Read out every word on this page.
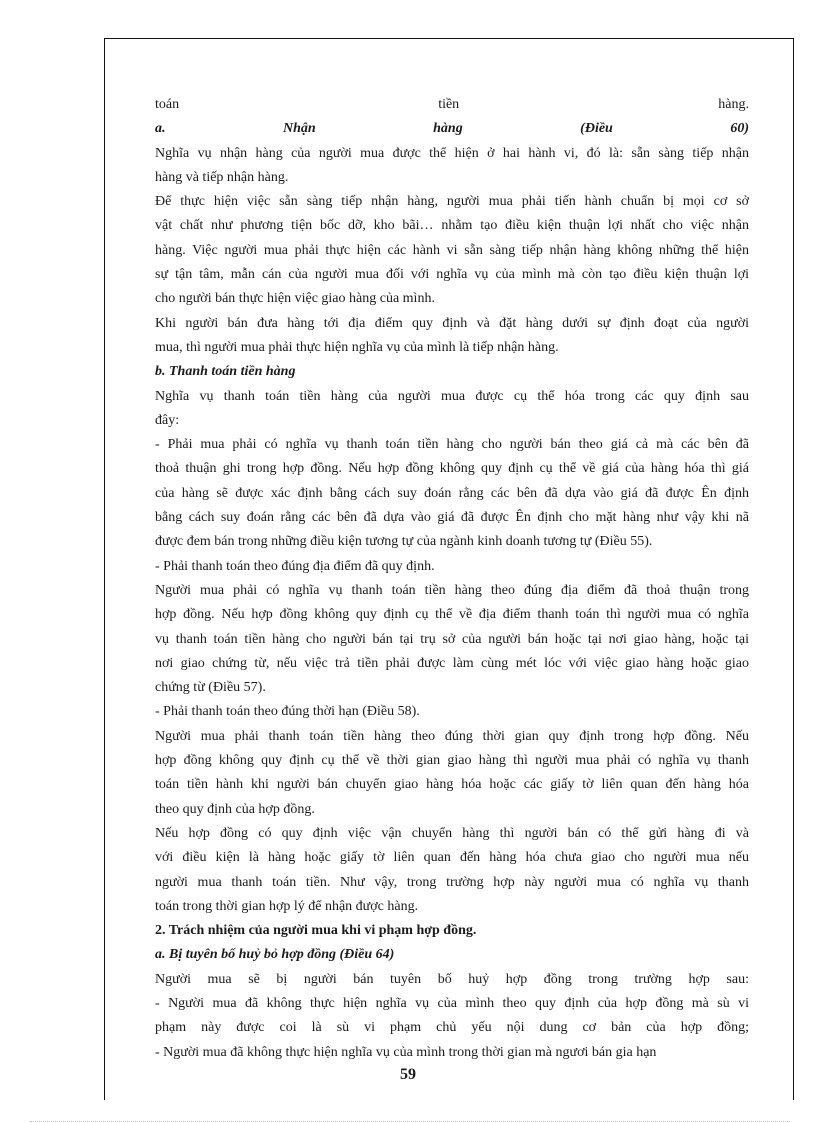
toán	tiền	hàng.
a.	Nhận	hàng	(Điều	60)
Nghĩa vụ nhận hàng của người mua được thể hiện ở hai hành vi, đó là: sẵn sàng tiếp nhận
hàng và tiếp nhận hàng.
Để thực hiện việc sẵn sàng tiếp nhận hàng, người mua phải tiến hành chuẩn bị mọi cơ sở
vật chất như phương tiện bốc dỡ, kho bãi… nhằm tạo điều kiện thuận lợi nhất cho việc nhận
hàng. Việc người mua phải thực hiện các hành vi sẵn sàng tiếp nhận hàng không những thể hiện
sự tận tâm, mẫn cán của người mua đối với nghĩa vụ của mình mà còn tạo điều kiện thuận lợi
cho người bán thực hiện việc giao hàng của mình.
Khi người bán đưa hàng tới địa điểm quy định và đặt hàng dưới sự định đoạt của người
mua, thì người mua phải thực hiện nghĩa vụ của mình là tiếp nhận hàng.
b. Thanh toán tiền hàng
Nghĩa vụ thanh toán tiền hàng của người mua được cụ thể hóa trong các quy định sau
đây:
- Phải mua phải có nghĩa vụ thanh toán tiền hàng cho người bán theo giá cả mà các bên đã
thoả thuận ghi trong hợp đồng. Nếu hợp đồng không quy định cụ thể về giá của hàng hóa thì giá
của hàng sẽ được xác định bằng cách suy đoán rằng các bên đã dựa vào giá đã được Ên định
bằng cách suy đoán rằng các bên đã dựa vào giá đã được Ên định cho mặt hàng như vậy khi nã
được đem bán trong những điều kiện tương tự của ngành kinh doanh tương tự (Điều 55).
- Phải thanh toán theo đúng địa điểm đã quy định.
Người mua phải có nghĩa vụ thanh toán tiền hàng theo đúng địa điểm đã thoả thuận trong
hợp đồng. Nếu hợp đồng không quy định cụ thể về địa điểm thanh toán thì người mua có nghĩa
vụ thanh toán tiền hàng cho người bán tại trụ sở của người bán hoặc tại nơi giao hàng, hoặc tại
nơi giao chứng từ, nếu việc trả tiền phải được làm cùng mét lóc với việc giao hàng hoặc giao
chứng từ (Điều 57).
- Phải thanh toán theo đúng thời hạn (Điều 58).
Người mua phải thanh toán tiền hàng theo đúng thời gian quy định trong hợp đồng. Nếu
hợp đồng không quy định cụ thể về thời gian giao hàng thì người mua phải có nghĩa vụ thanh
toán tiền hành khi người bán chuyển giao hàng hóa hoặc các giấy tờ liên quan đến hàng hóa
theo quy định của hợp đồng.
Nếu hợp đồng có quy định việc vận chuyển hàng thì người bán có thể gửi hàng đi và
với điều kiện là hàng hoặc giấy tờ liên quan đến hàng hóa chưa giao cho người mua nếu
người mua thanh toán tiền. Như vậy, trong trường hợp này người mua có nghĩa vụ thanh
toán trong thời gian hợp lý để nhận được hàng.
2. Trách nhiệm của người mua khi vi phạm hợp đồng.
a. Bị tuyên bố huỷ bỏ hợp đồng (Điều 64)
Người mua sẽ bị người bán tuyên bố huỷ hợp đồng trong trường hợp sau:
- Người mua đã không thực hiện nghĩa vụ của mình theo quy định của hợp đồng mà sù vi
phạm này được coi là sù vi phạm chủ yếu nội dung cơ bản của hợp đồng;
- Người mua đã không thực hiện nghĩa vụ của mình trong thời gian mà ngươi bán gia hạn
59
